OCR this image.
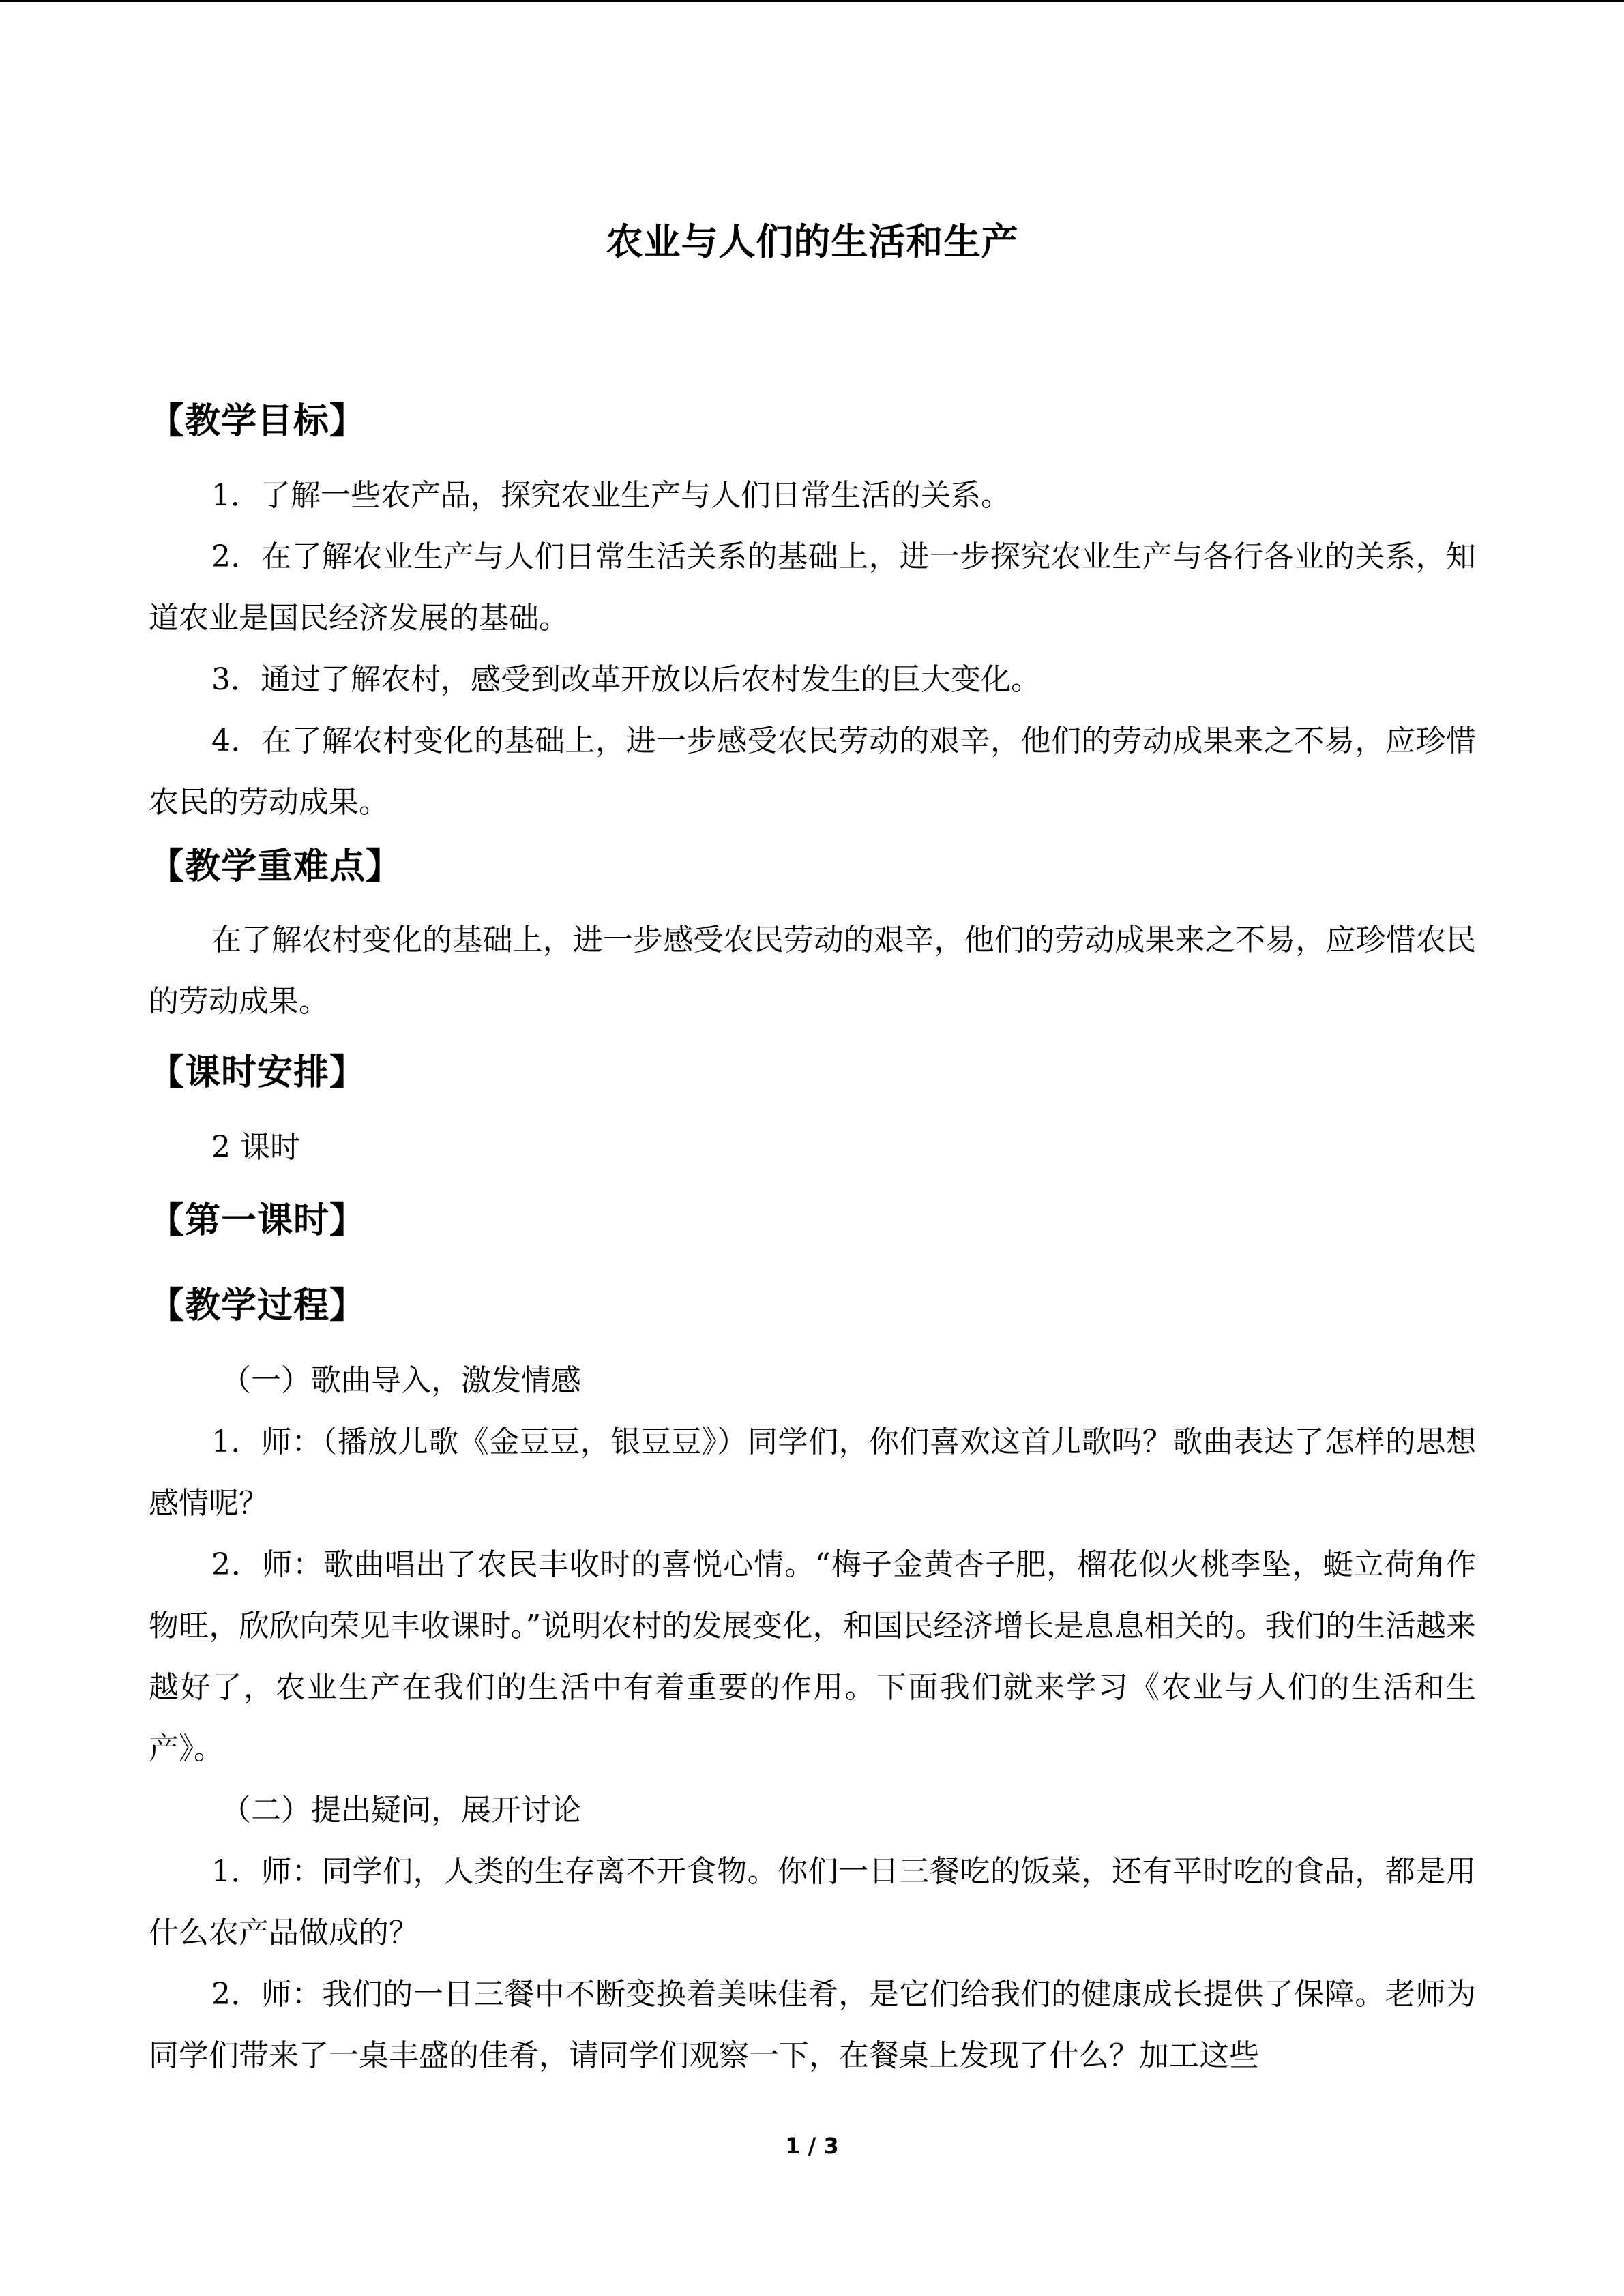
农业与人们的生活和生产
【教学目标】

1．了解一些农产品，探究农业生产与人们日常生活的关系。

2．在了解农业生产与人们日常生活关系的基础上，进一步探究农业生产与各行各业的关系，知道农业是国民经济发展的基础。

3．通过了解农村，感受到改革开放以后农村发生的巨大变化。

4．在了解农村变化的基础上，进一步感受农民劳动的艰辛，他们的劳动成果来之不易，应珍惜农民的劳动成果。

【教学重难点】

在了解农村变化的基础上，进一步感受农民劳动的艰辛，他们的劳动成果来之不易，应珍惜农民的劳动成果。

【课时安排】

2 课时

【第一课时】
【教学过程】

（一）歌曲导入，激发情感

1．师：（播放儿歌《金豆豆，银豆豆》）同学们，你们喜欢这首儿歌吗？歌曲表达了怎样的思想感情呢？

2．师：歌曲唱出了农民丰收时的喜悦心情。“梅子金黄杏子肥，榴花似火桃李坠，蜓立荷角作物旺，欣欣向荣见丰收课时。”说明农村的发展变化，和国民经济增长是息息相关的。我们的生活越来越好了，农业生产在我们的生活中有着重要的作用。下面我们就来学习《农业与人们的生活和生产》。

（二）提出疑问，展开讨论

1．师：同学们，人类的生存离不开食物。你们一日三餐吃的饭菜，还有平时吃的食品，都是用什么农产品做成的？

2．师：我们的一日三餐中不断变换着美味佳肴，是它们给我们的健康成长提供了保障。老师为同学们带来了一桌丰盛的佳肴，请同学们观察一下，在餐桌上发现了什么？加工这些

1 / 3
